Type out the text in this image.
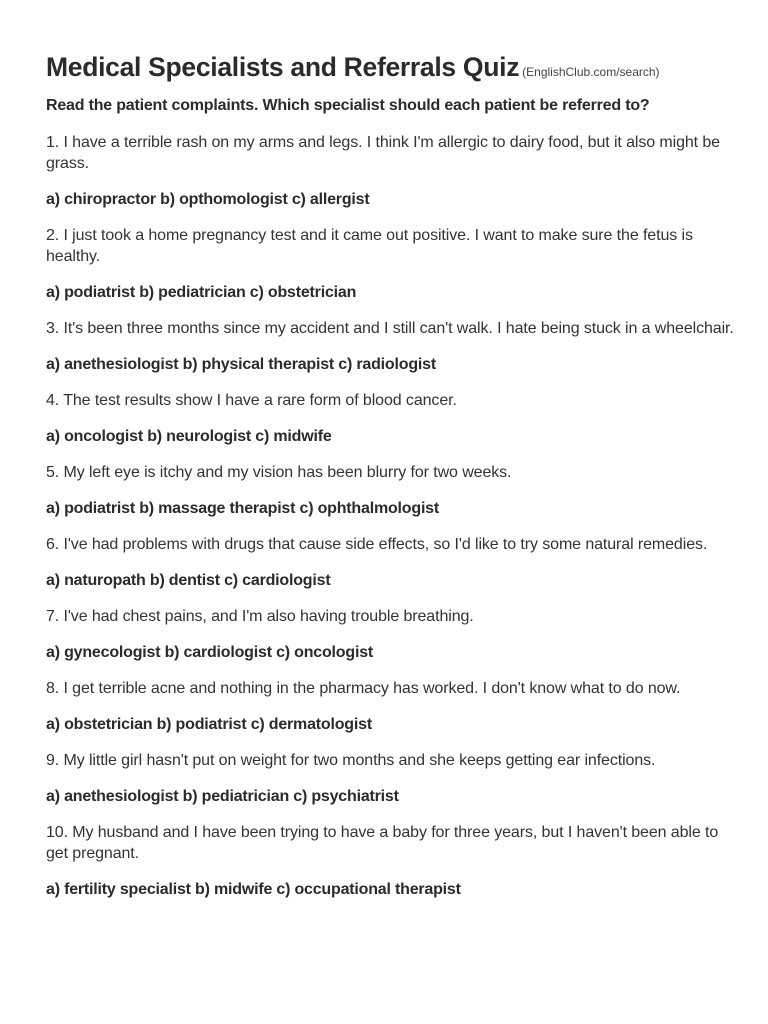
Medical Specialists and Referrals Quiz (EnglishClub.com/search)

Read the patient complaints. Which specialist should each patient be referred to?

1. I have a terrible rash on my arms and legs. I think I'm allergic to dairy food, but it also might be grass.

a) chiropractor b) opthomologist c) allergist

2. I just took a home pregnancy test and it came out positive. I want to make sure the fetus is healthy.

a) podiatrist b) pediatrician c) obstetrician

3. It's been three months since my accident and I still can't walk. I hate being stuck in a wheelchair.

a) anethesiologist b) physical therapist c) radiologist

4. The test results show I have a rare form of blood cancer.

a) oncologist b) neurologist c) midwife

5. My left eye is itchy and my vision has been blurry for two weeks.

a) podiatrist b) massage therapist c) ophthalmologist

6. I've had problems with drugs that cause side effects, so I'd like to try some natural remedies.

a) naturopath b) dentist c) cardiologist

7. I've had chest pains, and I'm also having trouble breathing.

a) gynecologist b) cardiologist c) oncologist

8. I get terrible acne and nothing in the pharmacy has worked. I don't know what to do now.

a) obstetrician b) podiatrist c) dermatologist

9. My little girl hasn't put on weight for two months and she keeps getting ear infections.

a) anethesiologist b) pediatrician c) psychiatrist

10. My husband and I have been trying to have a baby for three years, but I haven't been able to get pregnant.

a) fertility specialist b) midwife c) occupational therapist
